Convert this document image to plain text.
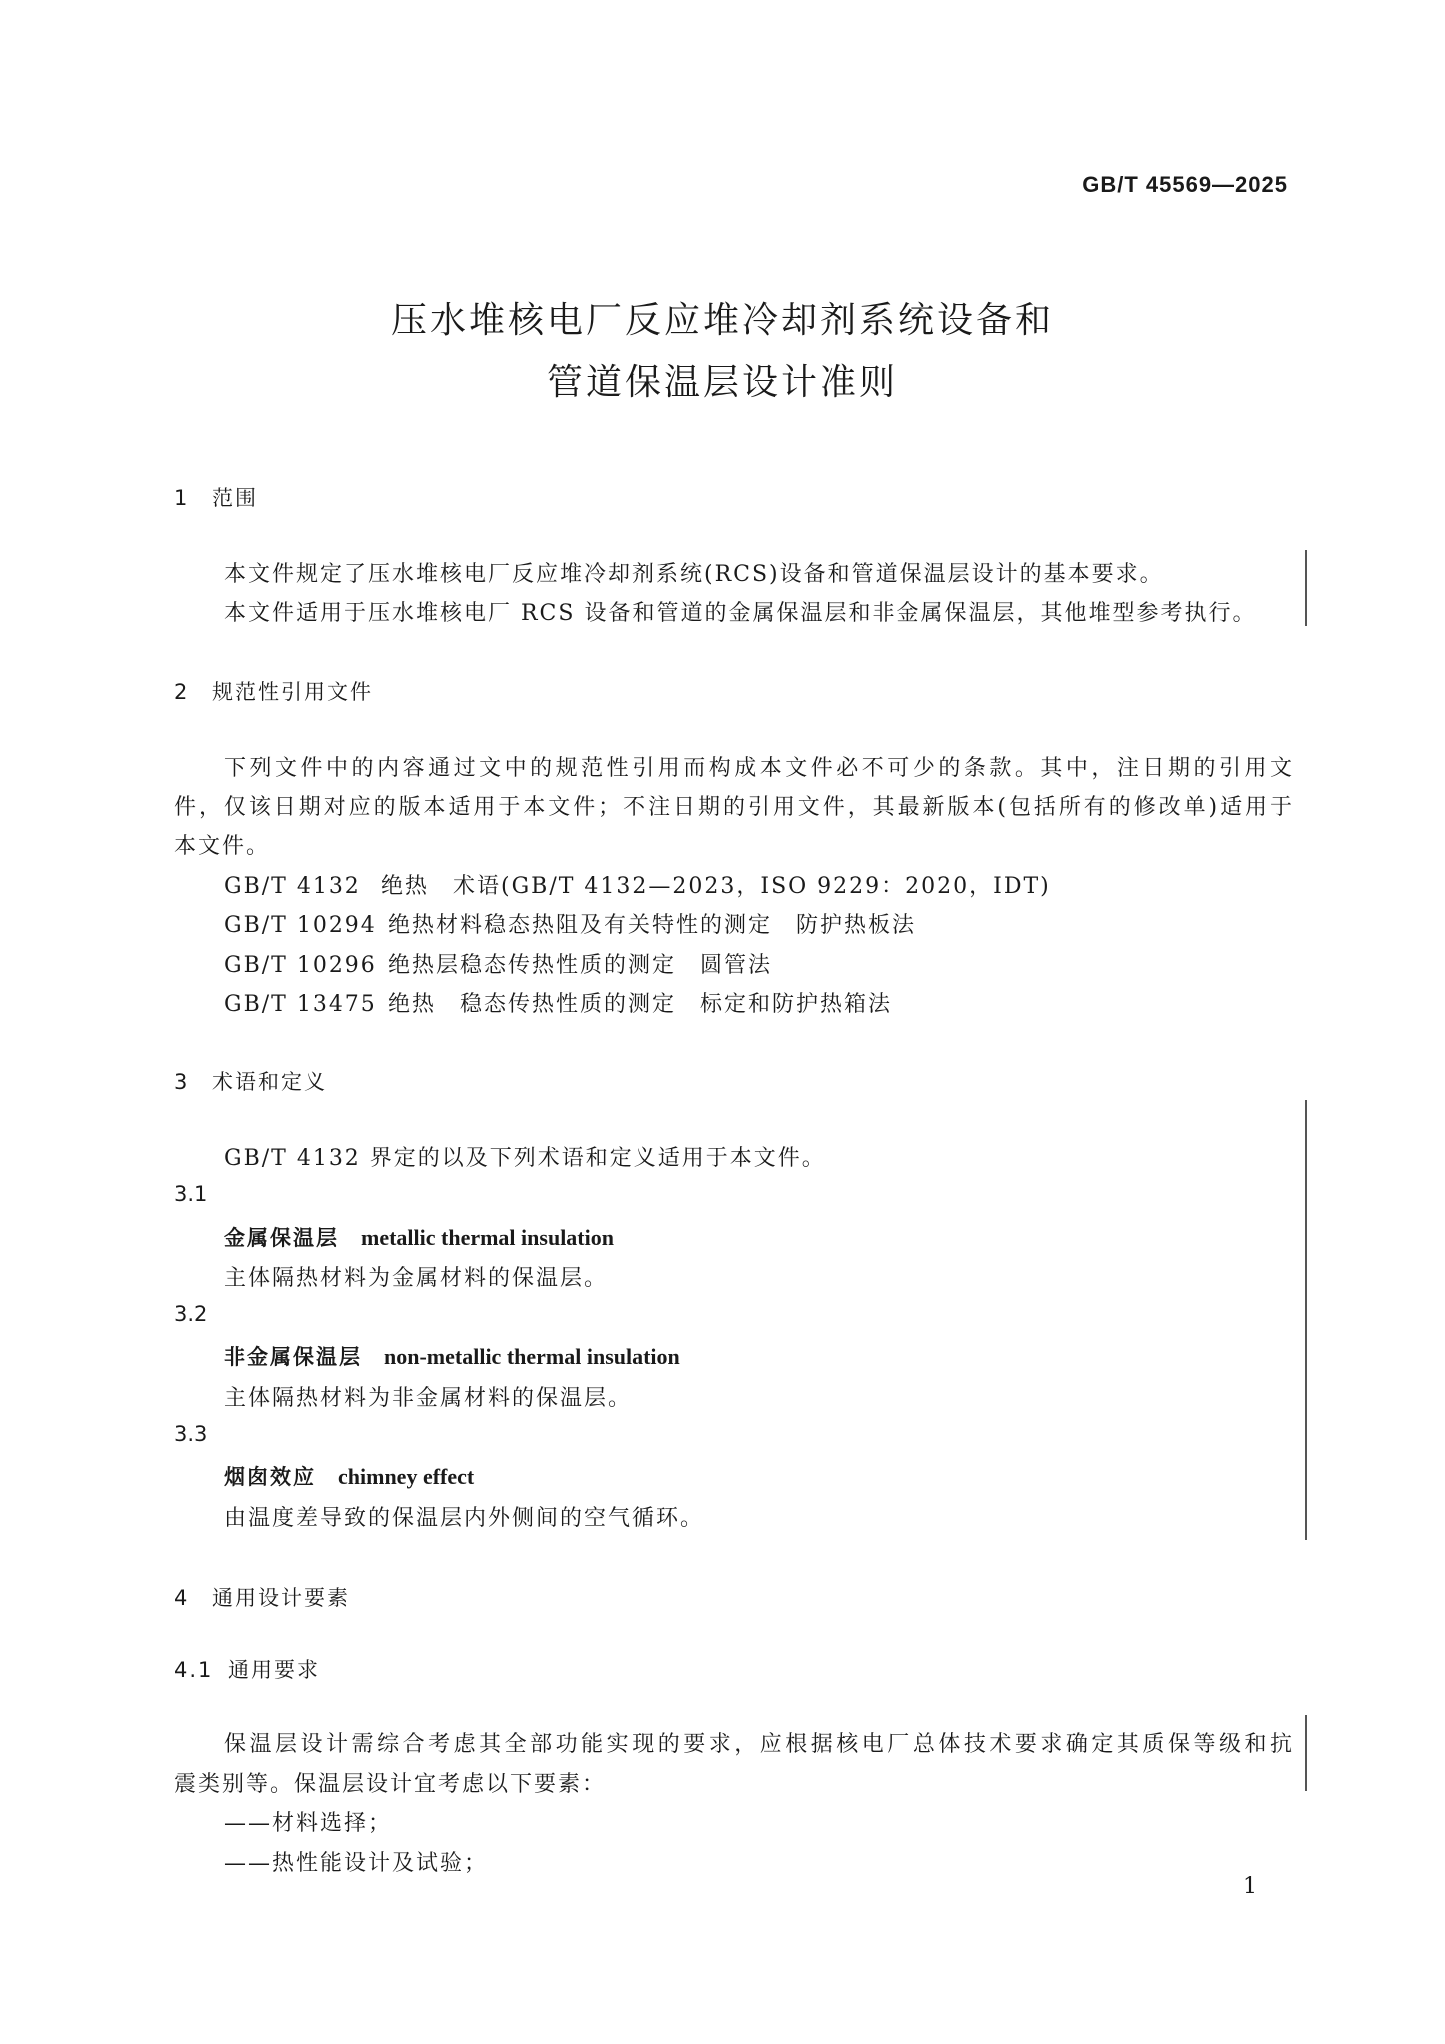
GB/T 45569—2025
压水堆核电厂反应堆冷却剂系统设备和
管道保温层设计准则
1 范围
本文件规定了压水堆核电厂反应堆冷却剂系统(RCS)设备和管道保温层设计的基本要求。
本文件适用于压水堆核电厂 RCS 设备和管道的金属保温层和非金属保温层，其他堆型参考执行。
2 规范性引用文件
下列文件中的内容通过文中的规范性引用而构成本文件必不可少的条款。其中，注日期的引用文
件，仅该日期对应的版本适用于本文件；不注日期的引用文件，其最新版本(包括所有的修改单)适用于
本文件。
GB/T 4132 绝热　术语(GB/T 4132—2023，ISO 9229：2020，IDT)
GB/T 10294 绝热材料稳态热阻及有关特性的测定　防护热板法
GB/T 10296 绝热层稳态传热性质的测定　圆管法
GB/T 13475 绝热　稳态传热性质的测定　标定和防护热箱法
3 术语和定义
GB/T 4132 界定的以及下列术语和定义适用于本文件。
3.1
金属保温层 metallic thermal insulation
主体隔热材料为金属材料的保温层。
3.2
非金属保温层 non-metallic thermal insulation
主体隔热材料为非金属材料的保温层。
3.3
烟囱效应 chimney effect
由温度差导致的保温层内外侧间的空气循环。
4 通用设计要素
4.1 通用要求
保温层设计需综合考虑其全部功能实现的要求，应根据核电厂总体技术要求确定其质保等级和抗
震类别等。保温层设计宜考虑以下要素：
——材料选择；
——热性能设计及试验；
1
